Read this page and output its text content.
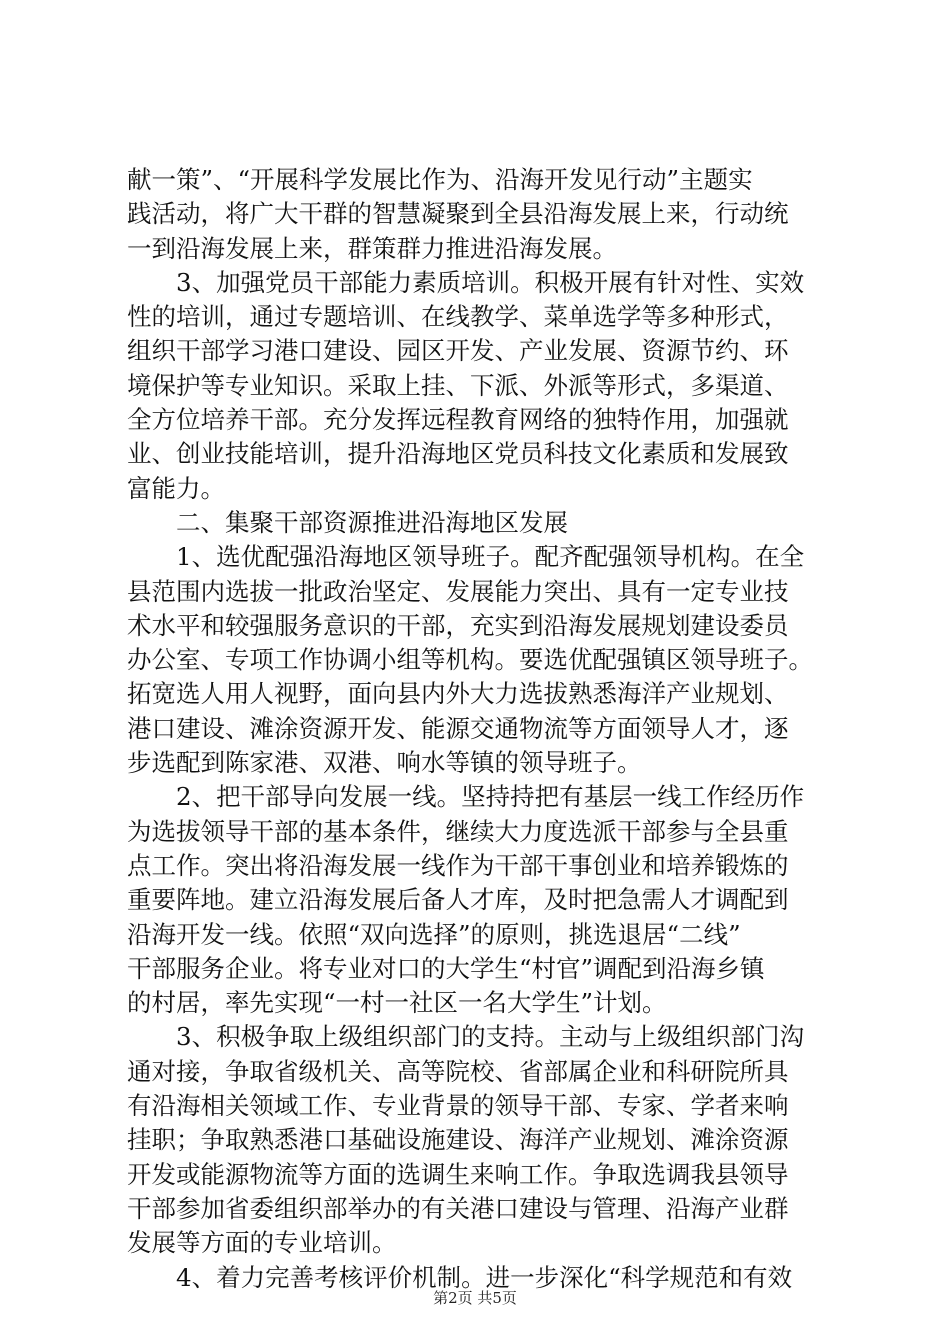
献一策”、“开展科学发展比作为、沿海开发见行动”主题实
践活动，将广大干群的智慧凝聚到全县沿海发展上来，行动统
一到沿海发展上来，群策群力推进沿海发展。
　　3、加强党员干部能力素质培训。积极开展有针对性、实效
性的培训，通过专题培训、在线教学、菜单选学等多种形式，
组织干部学习港口建设、园区开发、产业发展、资源节约、环
境保护等专业知识。采取上挂、下派、外派等形式，多渠道、
全方位培养干部。充分发挥远程教育网络的独特作用，加强就
业、创业技能培训，提升沿海地区党员科技文化素质和发展致
富能力。
　　二、集聚干部资源推进沿海地区发展
　　1、选优配强沿海地区领导班子。配齐配强领导机构。在全
县范围内选拔一批政治坚定、发展能力突出、具有一定专业技
术水平和较强服务意识的干部，充实到沿海发展规划建设委员
办公室、专项工作协调小组等机构。要选优配强镇区领导班子。
拓宽选人用人视野，面向县内外大力选拔熟悉海洋产业规划、
港口建设、滩涂资源开发、能源交通物流等方面领导人才，逐
步选配到陈家港、双港、响水等镇的领导班子。
　　2、把干部导向发展一线。坚持持把有基层一线工作经历作
为选拔领导干部的基本条件，继续大力度选派干部参与全县重
点工作。突出将沿海发展一线作为干部干事创业和培养锻炼的
重要阵地。建立沿海发展后备人才库，及时把急需人才调配到
沿海开发一线。依照“双向选择”的原则，挑选退居“二线”
干部服务企业。将专业对口的大学生“村官”调配到沿海乡镇
的村居，率先实现“一村一社区一名大学生”计划。
　　3、积极争取上级组织部门的支持。主动与上级组织部门沟
通对接，争取省级机关、高等院校、省部属企业和科研院所具
有沿海相关领域工作、专业背景的领导干部、专家、学者来响
挂职；争取熟悉港口基础设施建设、海洋产业规划、滩涂资源
开发或能源物流等方面的选调生来响工作。争取选调我县领导
干部参加省委组织部举办的有关港口建设与管理、沿海产业群
发展等方面的专业培训。
　　4、着力完善考核评价机制。进一步深化“科学规范和有效
第2页 共5页
